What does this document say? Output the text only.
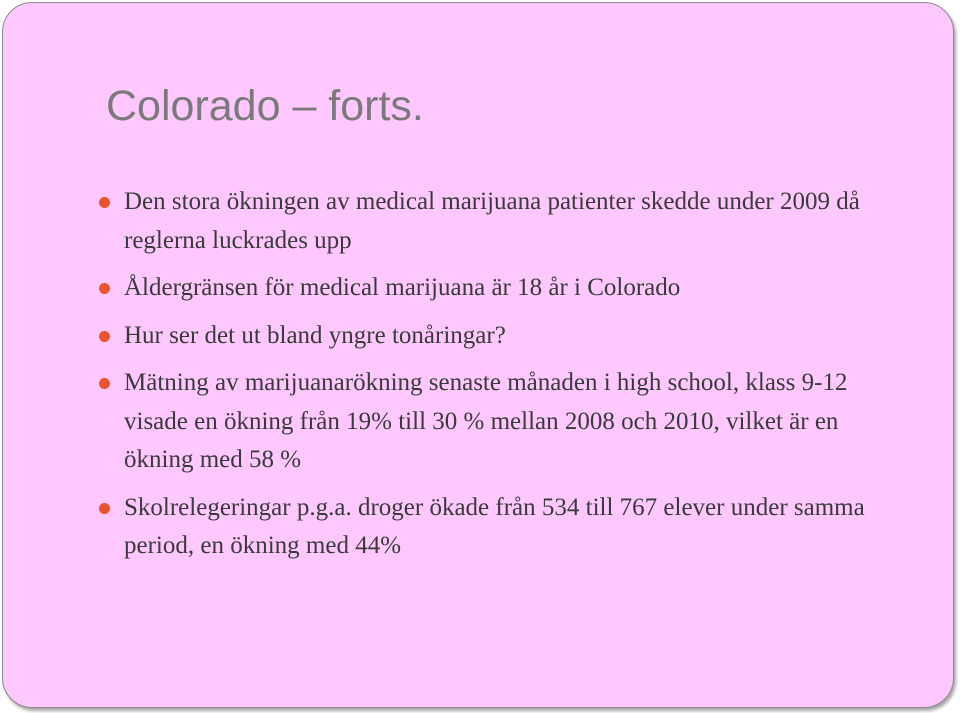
Colorado – forts.
Den stora ökningen av medical marijuana patienter skedde under 2009 då reglerna luckrades upp
Åldergränsen för medical marijuana är 18 år i Colorado
Hur ser det ut bland yngre tonåringar?
Mätning av marijuanarökning senaste månaden i high school, klass 9-12 visade en ökning från 19% till 30 % mellan 2008 och 2010, vilket är en ökning med 58 %
Skolrelegeringar p.g.a. droger ökade från 534 till 767 elever under samma period, en ökning med 44%
